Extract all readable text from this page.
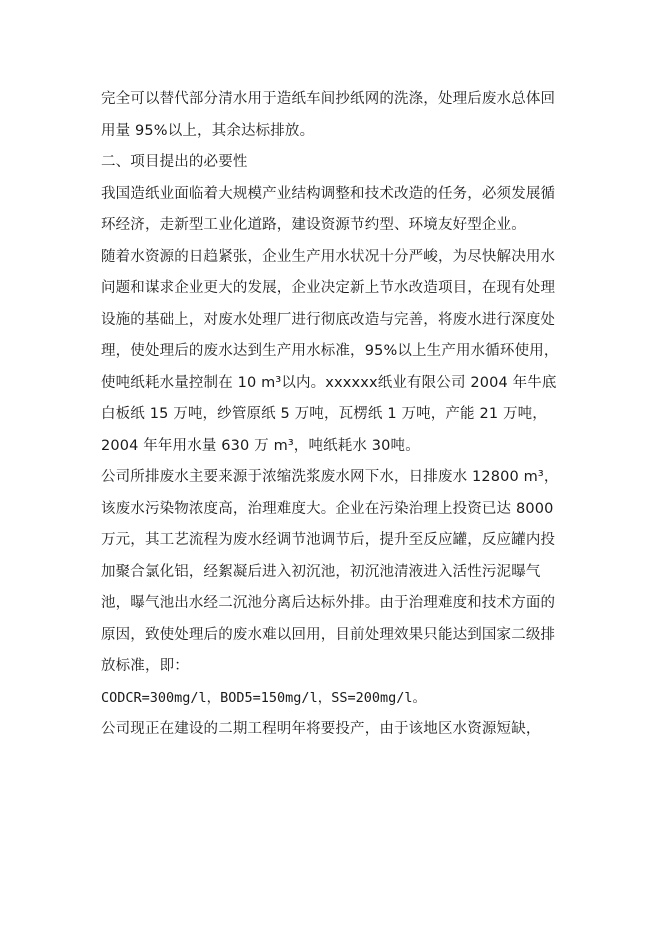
完全可以替代部分清水用于造纸车间抄纸网的洗涤，处理后废水总体回用量 95%以上，其余达标排放。

二、项目提出的必要性

我国造纸业面临着大规模产业结构调整和技术改造的任务，必须发展循环经济，走新型工业化道路，建设资源节约型、环境友好型企业。

随着水资源的日趋紧张，企业生产用水状况十分严峻，为尽快解决用水问题和谋求企业更大的发展，企业决定新上节水改造项目，在现有处理设施的基础上，对废水处理厂进行彻底改造与完善，将废水进行深度处理，使处理后的废水达到生产用水标准，95%以上生产用水循环使用，使吨纸耗水量控制在 10 m³以内。xxxxxx纸业有限公司 2004 年牛底白板纸 15 万吨，纱管原纸 5 万吨，瓦楞纸 1 万吨，产能 21 万吨，2004 年年用水量 630 万 m³，吨纸耗水 30吨。

公司所排废水主要来源于浓缩洗浆废水网下水，日排废水 12800 m³，该废水污染物浓度高，治理难度大。企业在污染治理上投资已达 8000 万元，其工艺流程为废水经调节池调节后，提升至反应罐，反应罐内投加聚合氯化铝，经絮凝后进入初沉池，初沉池清液进入活性污泥曝气池，曝气池出水经二沉池分离后达标外排。由于治理难度和技术方面的原因，致使处理后的废水难以回用，目前处理效果只能达到国家二级排放标准，即：

CODCR=300mg/l，BOD5=150mg/l，SS=200mg/l。

公司现正在建设的二期工程明年将要投产，由于该地区水资源短缺，
